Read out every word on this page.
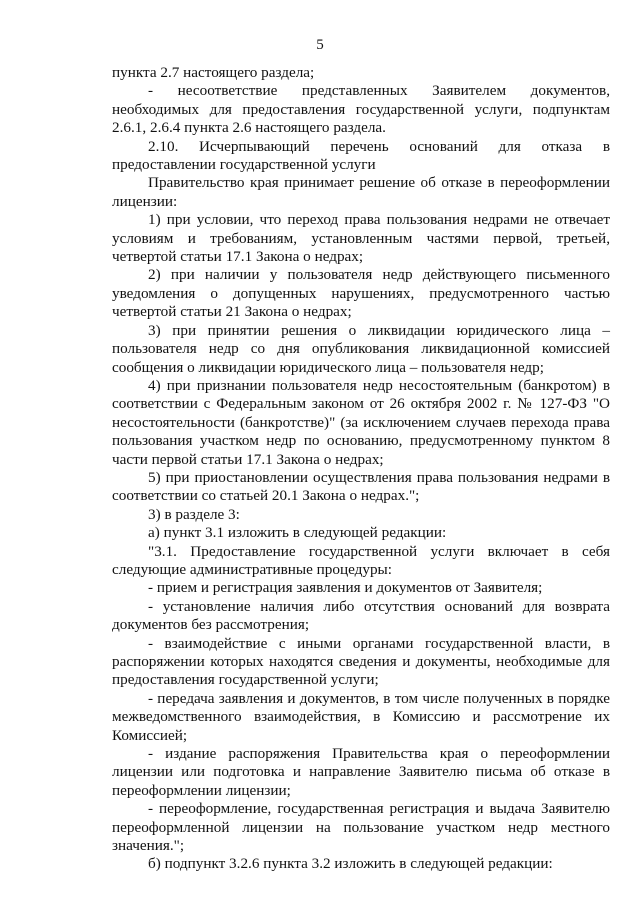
5

пункта 2.7 настоящего раздела;

- несоответствие представленных Заявителем документов, необходимых для предоставления государственной услуги, подпунктам 2.6.1, 2.6.4 пункта 2.6 настоящего раздела.

2.10. Исчерпывающий перечень оснований для отказа в предоставлении государственной услуги

Правительство края принимает решение об отказе в переоформлении лицензии:

1) при условии, что переход права пользования недрами не отвечает условиям и требованиям, установленным частями первой, третьей, четвертой статьи 17.1 Закона о недрах;

2) при наличии у пользователя недр действующего письменного уведомления о допущенных нарушениях, предусмотренного частью четвертой статьи 21 Закона о недрах;

3) при принятии решения о ликвидации юридического лица – пользователя недр со дня опубликования ликвидационной комиссией сообщения о ликвидации юридического лица – пользователя недр;

4) при признании пользователя недр несостоятельным (банкротом) в соответствии с Федеральным законом от 26 октября 2002 г. № 127-ФЗ "О несостоятельности (банкротстве)" (за исключением случаев перехода права пользования участком недр по основанию, предусмотренному пунктом 8 части первой статьи 17.1 Закона о недрах;

5) при приостановлении осуществления права пользования недрами в соответствии со статьей 20.1 Закона о недрах.";

3) в разделе 3:

а) пункт 3.1 изложить в следующей редакции:

"3.1. Предоставление государственной услуги включает в себя следующие административные процедуры:

- прием и регистрация заявления и документов от Заявителя;

- установление наличия либо отсутствия оснований для возврата документов без рассмотрения;

- взаимодействие с иными органами государственной власти, в распоряжении которых находятся сведения и документы, необходимые для предоставления государственной услуги;

- передача заявления и документов, в том числе полученных в порядке межведомственного взаимодействия, в Комиссию и рассмотрение их Комиссией;

- издание распоряжения Правительства края о переоформлении лицензии или подготовка и направление Заявителю письма об отказе в переоформлении лицензии;

- переоформление, государственная регистрация и выдача Заявителю переоформленной лицензии на пользование участком недр местного значения.";

б) подпункт 3.2.6 пункта 3.2 изложить в следующей редакции:
